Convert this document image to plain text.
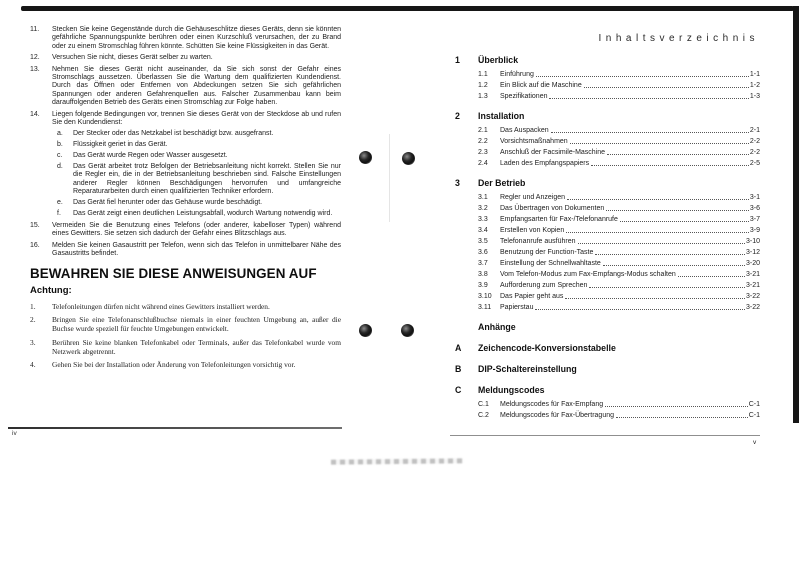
11.	Stecken Sie keine Gegenstände durch die Gehäuseschlitze dieses Geräts, denn sie könnten gefährliche Spannungspunkte berühren oder einen Kurzschluß verursachen, der zu Brand oder zu einem Stromschlag führen könnte. Schütten Sie keine Flüssigkeiten in das Gerät.
12.	Versuchen Sie nicht, dieses Gerät selber zu warten.
13.	Nehmen Sie dieses Gerät nicht auseinander, da Sie sich sonst der Gefahr eines Stromschlags aussetzen. Überlassen Sie die Wartung dem qualifizierten Kundendienst. Durch das Öffnen oder Entfernen von Abdeckungen setzen Sie sich gefährlichen Spannungen oder anderen Gefahrenquellen aus. Falscher Zusammenbau kann beim darauffolgenden Betrieb des Geräts einen Stromschlag zur Folge haben.
14.	Liegen folgende Bedingungen vor, trennen Sie dieses Gerät von der Steckdose ab und rufen Sie den Kundendienst:
a.	Der Stecker oder das Netzkabel ist beschädigt bzw. ausgefranst.
b.	Flüssigkeit geriet in das Gerät.
c.	Das Gerät wurde Regen oder Wasser ausgesetzt.
d.	Das Gerät arbeitet trotz Befolgen der Betriebsanleitung nicht korrekt. Stellen Sie nur die Regler ein, die in der Betriebsanleitung beschrieben sind. Falsche Einstellungen anderer Regler können Beschädigungen hervorrufen und umfangreiche Reparaturarbeiten durch einen qualifizierten Techniker erfordern.
e.	Das Gerät fiel herunter oder das Gehäuse wurde beschädigt.
f.	Das Gerät zeigt einen deutlichen Leistungsabfall, wodurch Wartung notwendig wird.
15.	Vermeiden Sie die Benutzung eines Telefons (oder anderer, kabelloser Typen) während eines Gewitters. Sie setzen sich dadurch der Gefahr eines Blitzschlags aus.
16.	Melden Sie keinen Gasaustritt per Telefon, wenn sich das Telefon in unmittelbarer Nähe des Gasaustritts befindet.
BEWAHREN SIE DIESE ANWEISUNGEN AUF
Achtung:
1.	Telefonleitungen dürfen nicht während eines Gewitters installiert werden.
2.	Bringen Sie eine Telefonanschlußbuchse niemals in einer feuchten Umgebung an, außer die Buchse wurde speziell für feuchte Umgebungen entwickelt.
3.	Berühren Sie keine blanken Telefonkabel oder Terminals, außer das Telefonkabel wurde vom Netzwerk abgetrennt.
4.	Gehen Sie bei der Installation oder Änderung von Telefonleitungen vorsichtig vor.
iv
Inhaltsverzeichnis
1	Überblick
1.1	Einführung	1-1
1.2	Ein Blick auf die Maschine	1-2
1.3	Spezifikationen	1-3
2	Installation
2.1	Das Auspacken	2-1
2.2	Vorsichtsmaßnahmen	2-2
2.3	Anschluß der Facsimile-Maschine	2-2
2.4	Laden des Empfangspapiers	2-5
3	Der Betrieb
3.1	Regler und Anzeigen	3-1
3.2	Das Übertragen von Dokumenten	3-6
3.3	Empfangsarten für Fax-/Telefonanrufe	3-7
3.4	Erstellen von Kopien	3-9
3.5	Telefonanrufe ausführen	3-10
3.6	Benutzung der Function-Taste	3-12
3.7	Einstellung der Schnellwahltaste	3-20
3.8	Vom Telefon-Modus zum Fax-Empfangs-Modus schalten	3-21
3.9	Aufforderung zum Sprechen	3-21
3.10	Das Papier geht aus	3-22
3.11	Papierstau	3-22
Anhänge
A	Zeichencode-Konversionstabelle
B	DIP-Schaltereinstellung
C	Meldungscodes
C.1	Meldungscodes für Fax-Empfang	C-1
C.2	Meldungscodes für Fax-Übertragung	C-1
v
